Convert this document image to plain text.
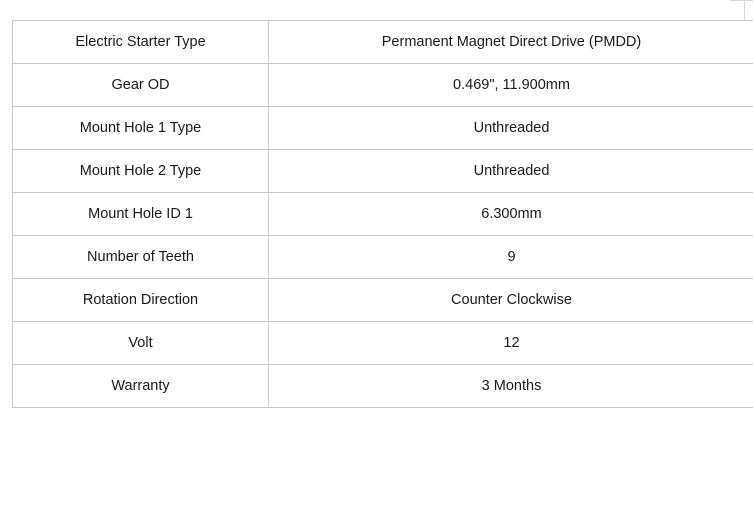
Electric Starter Type	Permanent Magnet Direct Drive (PMDD)
Gear OD	0.469", 11.900mm
Mount Hole 1 Type	Unthreaded
Mount Hole 2 Type	Unthreaded
Mount Hole ID 1	6.300mm
Number of Teeth	9
Rotation Direction	Counter Clockwise
Volt	12
Warranty	3 Months
